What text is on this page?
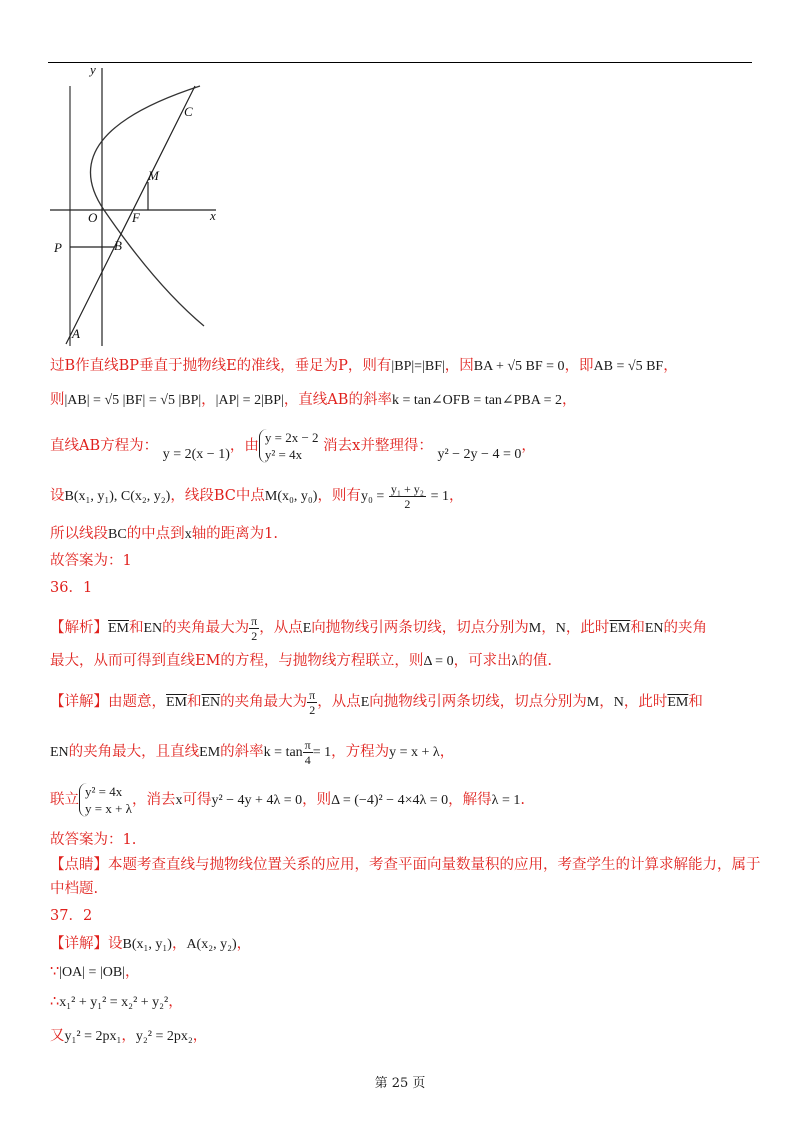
y
x
O	F
C
M
P	B
A
过B作直线BP垂直于抛物线E的准线，垂足为P，则有|BP|=|BF|，因BA + √5 BF = 0，即AB = √5 BF，
则|AB| = √5 |BF| = √5 |BP|，|AP| = 2|BP|，直线AB的斜率k = tan∠OFB = tan∠PBA = 2，
直线AB方程为： y = 2(x − 1)，由y = 2x − 2
y² = 4x 消去x并整理得： y² − 2y − 4 = 0，
设B(x₁, y₁), C(x₂, y₂)，线段BC中点M(x₀, y₀)，则有$y_0 = \frac{\text{y₁ + y₂}}{2} = 1$，
所以线段BC的中点到x轴的距离为1.
故答案为：1
36．1
【解析】$\overline{EM}$和EN的夹角最大为 $\frac{\pi}{2}$ ，从点E向抛物线引两条切线，切点分别为M，N，此时$\overline{EM}$和EN的夹角
最大，从而可得到直线EM的方程，与抛物线方程联立，则Δ = 0，可求出λ的值.
【详解】由题意，$\overline{EM}$和$\overline{EN}$的夹角最大为 $\frac{\pi}{2}$ ，从点E向抛物线引两条切线，切点分别为M，N，此时$\overline{EM}$和
EN的夹角最大，且直线EM的斜率$k = \tan \frac{\pi}{4} = 1$，方程为y = x + λ，
联立y² = 4x
y = x + λ，消去x可得y² − 4y + 4λ = 0，则Δ = (−4)² − 4×4λ = 0，解得λ = 1.
故答案为：1.
【点睛】本题考查直线与抛物线位置关系的应用，考查平面向量数量积的应用，考查学生的计算求解能力，属于
中档题.
37．2
【详解】设B(x₁, y₁)，A(x₂, y₂)，
∵|OA| = |OB|，
∴x₁² + y₁² = x₂² + y₂²，
又y₁² = 2px₁，y₂² = 2px₂，
第 25 页
